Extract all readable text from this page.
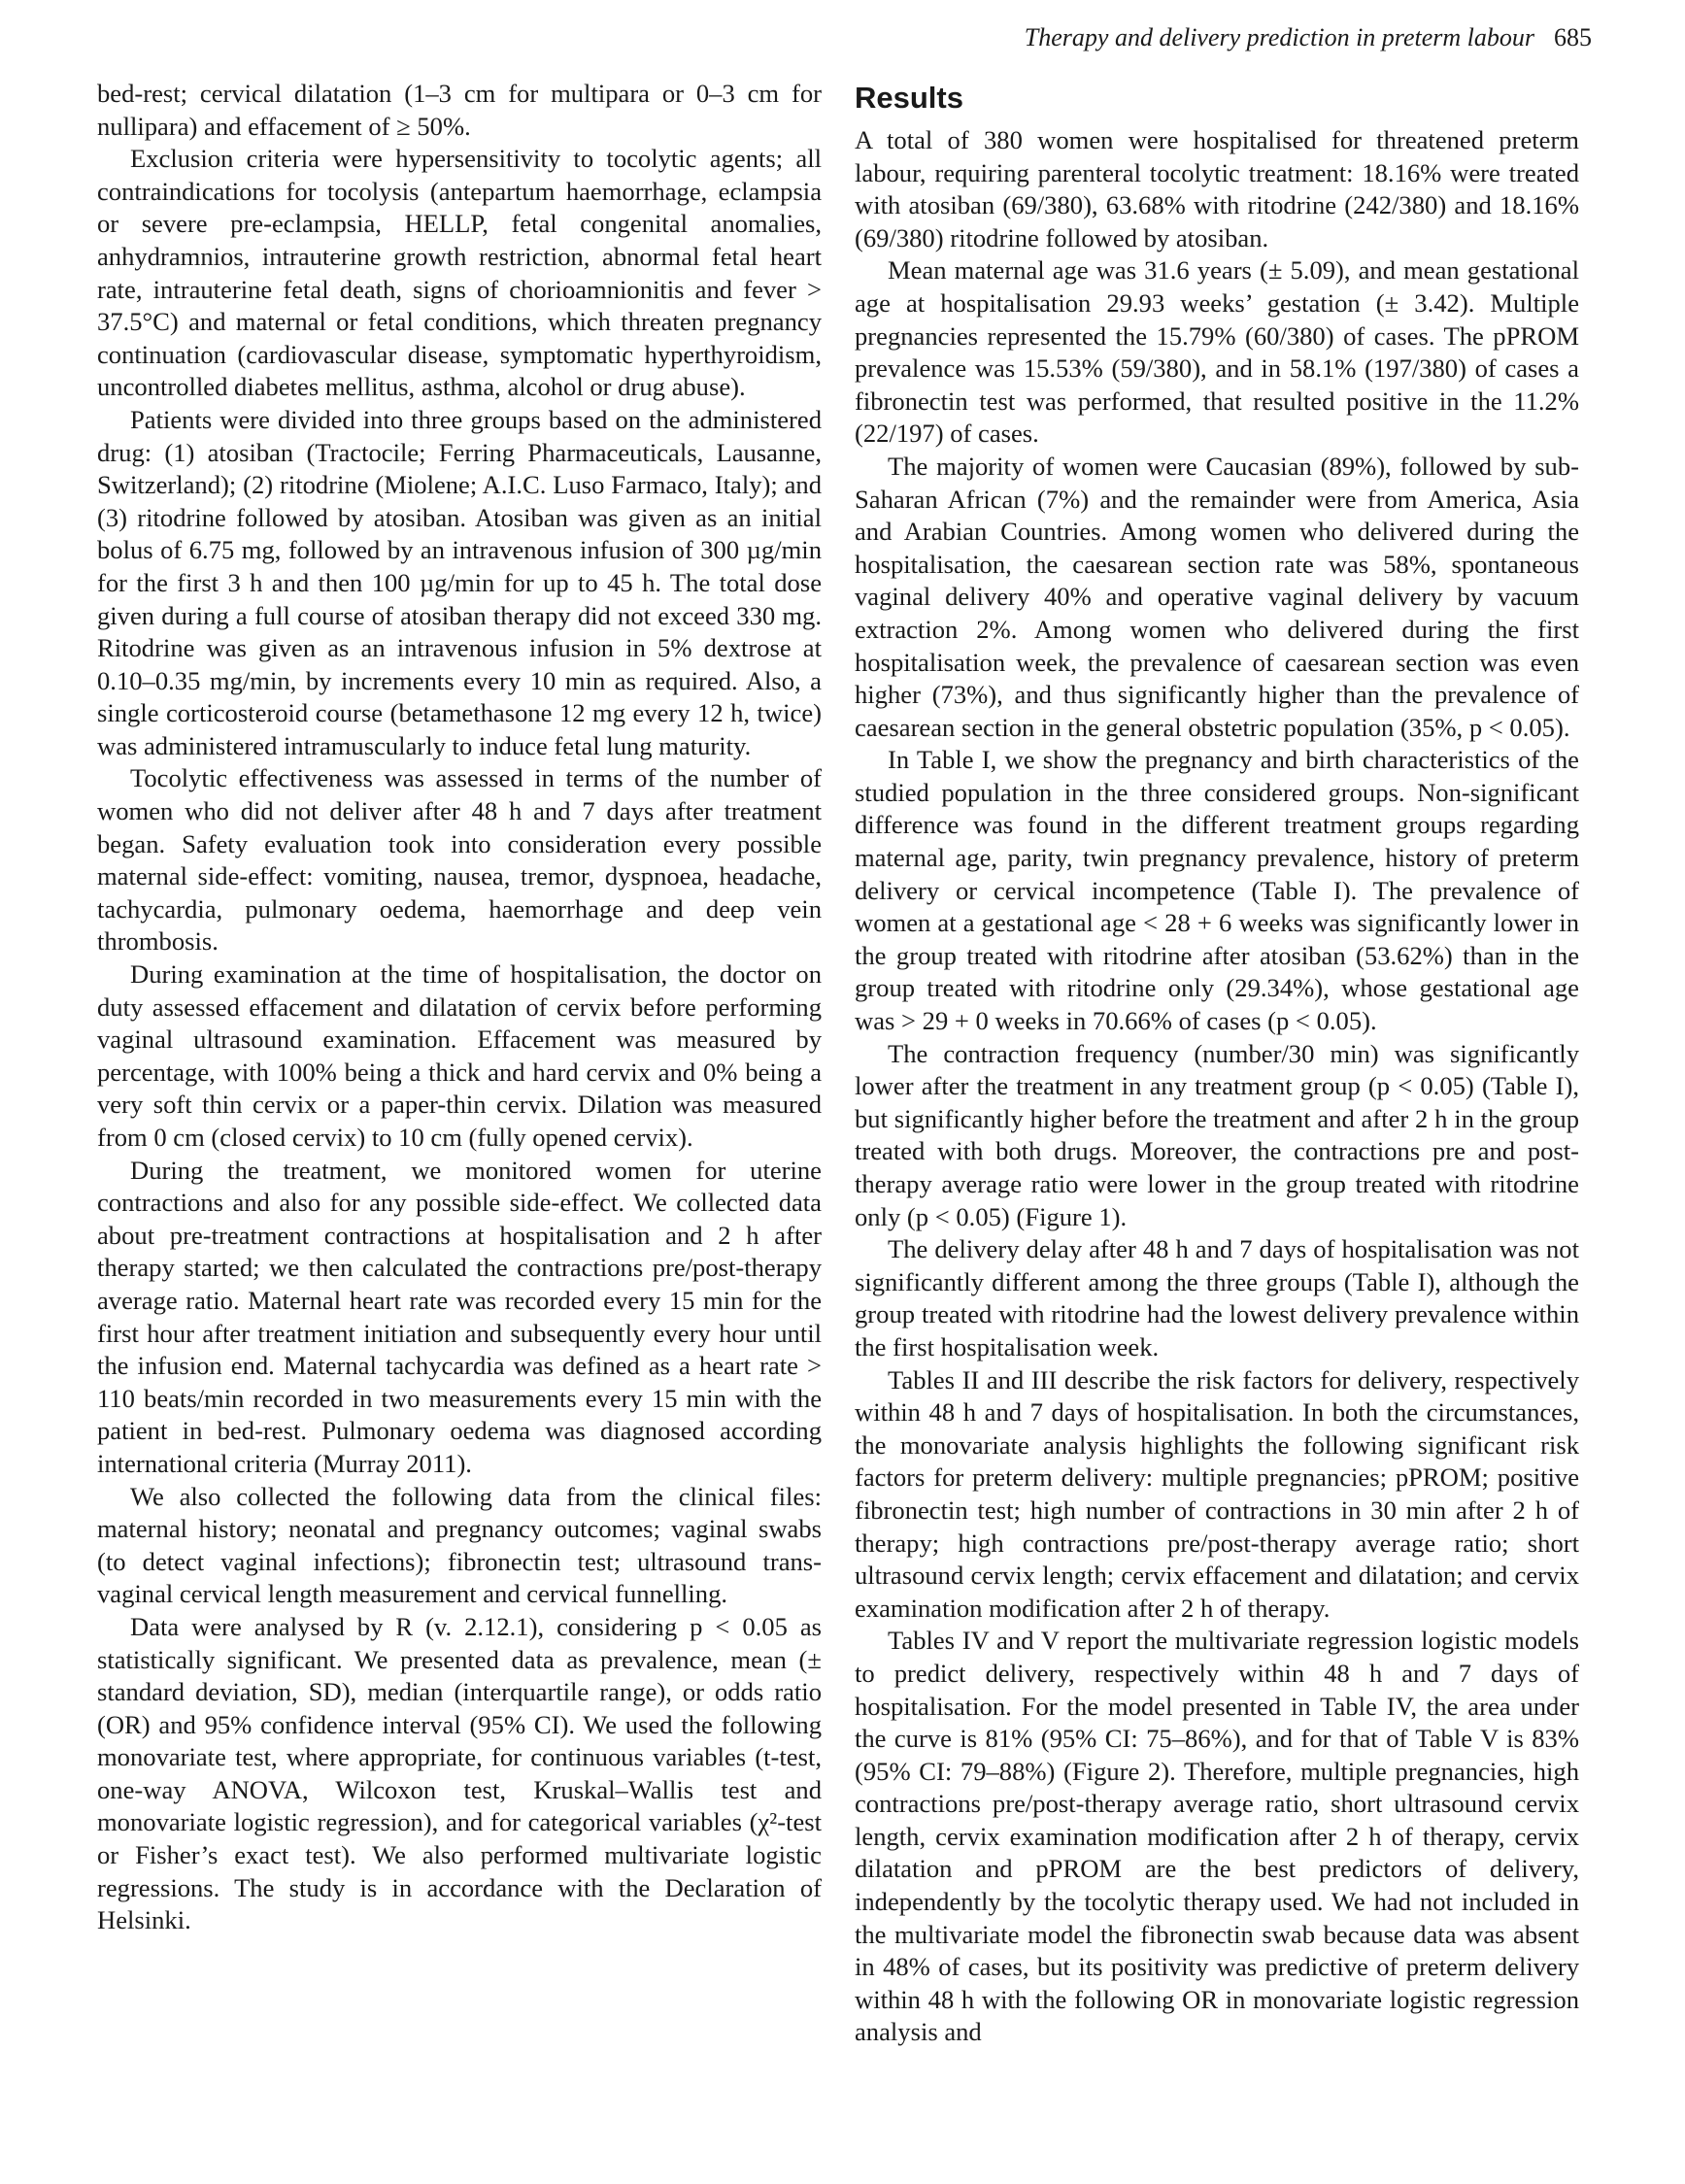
Therapy and delivery prediction in preterm labour 685

bed-rest; cervical dilatation (1–3 cm for multipara or 0–3 cm for nullipara) and effacement of ≥ 50%.

Exclusion criteria were hypersensitivity to tocolytic agents; all contraindications for tocolysis (antepartum haemorrhage, eclampsia or severe pre-eclampsia, HELLP, fetal congenital anomalies, anhydramnios, intrauterine growth restriction, abnormal fetal heart rate, intrauterine fetal death, signs of chorioamnionitis and fever > 37.5°C) and maternal or fetal conditions, which threaten pregnancy continuation (cardiovascular disease, symptomatic hyperthyroidism, uncontrolled diabetes mellitus, asthma, alcohol or drug abuse).

Patients were divided into three groups based on the administered drug: (1) atosiban (Tractocile; Ferring Pharmaceuticals, Lausanne, Switzerland); (2) ritodrine (Miolene; A.I.C. Luso Farmaco, Italy); and (3) ritodrine followed by atosiban. Atosiban was given as an initial bolus of 6.75 mg, followed by an intravenous infusion of 300 µg/min for the first 3 h and then 100 µg/min for up to 45 h. The total dose given during a full course of atosiban therapy did not exceed 330 mg. Ritodrine was given as an intravenous infusion in 5% dextrose at 0.10–0.35 mg/min, by increments every 10 min as required. Also, a single corticosteroid course (betamethasone 12 mg every 12 h, twice) was administered intramuscularly to induce fetal lung maturity.

Tocolytic effectiveness was assessed in terms of the number of women who did not deliver after 48 h and 7 days after treatment began. Safety evaluation took into consideration every possible maternal side-effect: vomiting, nausea, tremor, dyspnoea, headache, tachycardia, pulmonary oedema, haemorrhage and deep vein thrombosis.

During examination at the time of hospitalisation, the doctor on duty assessed effacement and dilatation of cervix before performing vaginal ultrasound examination. Effacement was measured by percentage, with 100% being a thick and hard cervix and 0% being a very soft thin cervix or a paper-thin cervix. Dilation was measured from 0 cm (closed cervix) to 10 cm (fully opened cervix).

During the treatment, we monitored women for uterine contractions and also for any possible side-effect. We collected data about pre-treatment contractions at hospitalisation and 2 h after therapy started; we then calculated the contractions pre/post-therapy average ratio. Maternal heart rate was recorded every 15 min for the first hour after treatment initiation and subsequently every hour until the infusion end. Maternal tachycardia was defined as a heart rate > 110 beats/min recorded in two measurements every 15 min with the patient in bed-rest. Pulmonary oedema was diagnosed according international criteria (Murray 2011).

We also collected the following data from the clinical files: maternal history; neonatal and pregnancy outcomes; vaginal swabs (to detect vaginal infections); fibronectin test; ultrasound trans-vaginal cervical length measurement and cervical funnelling.

Data were analysed by R (v. 2.12.1), considering p < 0.05 as statistically significant. We presented data as prevalence, mean (± standard deviation, SD), median (interquartile range), or odds ratio (OR) and 95% confidence interval (95% CI). We used the following monovariate test, where appropriate, for continuous variables (t-test, one-way ANOVA, Wilcoxon test, Kruskal–Wallis test and monovariate logistic regression), and for categorical variables (χ²-test or Fisher’s exact test). We also performed multivariate logistic regressions. The study is in accordance with the Declaration of Helsinki.

Results

A total of 380 women were hospitalised for threatened preterm labour, requiring parenteral tocolytic treatment: 18.16% were treated with atosiban (69/380), 63.68% with ritodrine (242/380) and 18.16% (69/380) ritodrine followed by atosiban.

Mean maternal age was 31.6 years (± 5.09), and mean gestational age at hospitalisation 29.93 weeks’ gestation (± 3.42). Multiple pregnancies represented the 15.79% (60/380) of cases. The pPROM prevalence was 15.53% (59/380), and in 58.1% (197/380) of cases a fibronectin test was performed, that resulted positive in the 11.2% (22/197) of cases.

The majority of women were Caucasian (89%), followed by sub-Saharan African (7%) and the remainder were from America, Asia and Arabian Countries. Among women who delivered during the hospitalisation, the caesarean section rate was 58%, spontaneous vaginal delivery 40% and operative vaginal delivery by vacuum extraction 2%. Among women who delivered during the first hospitalisation week, the prevalence of caesarean section was even higher (73%), and thus significantly higher than the prevalence of caesarean section in the general obstetric population (35%, p < 0.05).

In Table I, we show the pregnancy and birth characteristics of the studied population in the three considered groups. Non-significant difference was found in the different treatment groups regarding maternal age, parity, twin pregnancy prevalence, history of preterm delivery or cervical incompetence (Table I). The prevalence of women at a gestational age < 28 + 6 weeks was significantly lower in the group treated with ritodrine after atosiban (53.62%) than in the group treated with ritodrine only (29.34%), whose gestational age was > 29 + 0 weeks in 70.66% of cases (p < 0.05).

The contraction frequency (number/30 min) was significantly lower after the treatment in any treatment group (p < 0.05) (Table I), but significantly higher before the treatment and after 2 h in the group treated with both drugs. Moreover, the contractions pre and post-therapy average ratio were lower in the group treated with ritodrine only (p < 0.05) (Figure 1).

The delivery delay after 48 h and 7 days of hospitalisation was not significantly different among the three groups (Table I), although the group treated with ritodrine had the lowest delivery prevalence within the first hospitalisation week.

Tables II and III describe the risk factors for delivery, respectively within 48 h and 7 days of hospitalisation. In both the circumstances, the monovariate analysis highlights the following significant risk factors for preterm delivery: multiple pregnancies; pPROM; positive fibronectin test; high number of contractions in 30 min after 2 h of therapy; high contractions pre/post-therapy average ratio; short ultrasound cervix length; cervix effacement and dilatation; and cervix examination modification after 2 h of therapy.

Tables IV and V report the multivariate regression logistic models to predict delivery, respectively within 48 h and 7 days of hospitalisation. For the model presented in Table IV, the area under the curve is 81% (95% CI: 75–86%), and for that of Table V is 83% (95% CI: 79–88%) (Figure 2). Therefore, multiple pregnancies, high contractions pre/post-therapy average ratio, short ultrasound cervix length, cervix examination modification after 2 h of therapy, cervix dilatation and pPROM are the best predictors of delivery, independently by the tocolytic therapy used. We had not included in the multivariate model the fibronectin swab because data was absent in 48% of cases, but its positivity was predictive of preterm delivery within 48 h with the following OR in monovariate logistic regression analysis and
